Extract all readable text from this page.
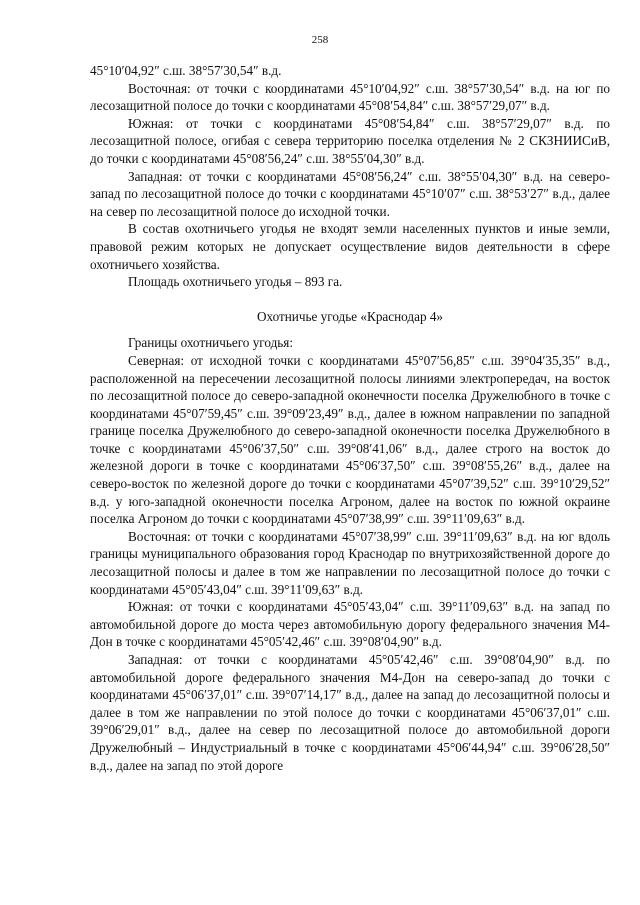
258

45°10′04,92″ с.ш. 38°57′30,54″ в.д.

Восточная: от точки с координатами 45°10′04,92″ с.ш. 38°57′30,54″ в.д. на юг по лесозащитной полосе до точки с координатами 45°08′54,84″ с.ш. 38°57′29,07″ в.д.

Южная: от точки с координатами 45°08′54,84″ с.ш. 38°57′29,07″ в.д. по лесозащитной полосе, огибая с севера территорию поселка отделения № 2 СКЗНИИСиВ, до точки с координатами 45°08′56,24″ с.ш. 38°55′04,30″ в.д.

Западная: от точки с координатами 45°08′56,24″ с.ш. 38°55′04,30″ в.д. на северо-запад по лесозащитной полосе до точки с координатами 45°10′07″ с.ш. 38°53′27″ в.д., далее на север по лесозащитной полосе до исходной точки.

В состав охотничьего угодья не входят земли населенных пунктов и иные земли, правовой режим которых не допускает осуществление видов деятельности в сфере охотничьего хозяйства.

Площадь охотничьего угодья – 893 га.

Охотничье угодье «Краснодар 4»

Границы охотничьего угодья:

Северная: от исходной точки с координатами 45°07′56,85″ с.ш. 39°04′35,35″ в.д., расположенной на пересечении лесозащитной полосы линиями электропередач, на восток по лесозащитной полосе до северо-западной оконечности поселка Дружелюбного в точке с координатами 45°07′59,45″ с.ш. 39°09′23,49″ в.д., далее в южном направлении по западной границе поселка Дружелюбного до северо-западной оконечности поселка Дружелюбного в точке с координатами 45°06′37,50″ с.ш. 39°08′41,06″ в.д., далее строго на восток до железной дороги в точке с координатами 45°06′37,50″ с.ш. 39°08′55,26″ в.д., далее на северо-восток по железной дороге до точки с координатами 45°07′39,52″ с.ш. 39°10′29,52″ в.д. у юго-западной оконечности поселка Агроном, далее на восток по южной окраине поселка Агроном до точки с координатами 45°07′38,99″ с.ш. 39°11′09,63″ в.д.

Восточная: от точки с координатами 45°07′38,99″ с.ш. 39°11′09,63″ в.д. на юг вдоль границы муниципального образования город Краснодар по внутрихозяйственной дороге до лесозащитной полосы и далее в том же направлении по лесозащитной полосе до точки с координатами 45°05′43,04″ с.ш. 39°11′09,63″ в.д.

Южная: от точки с координатами 45°05′43,04″ с.ш. 39°11′09,63″ в.д. на запад по автомобильной дороге до моста через автомобильную дорогу федерального значения М4-Дон в точке с координатами 45°05′42,46″ с.ш. 39°08′04,90″ в.д.

Западная: от точки с координатами 45°05′42,46″ с.ш. 39°08′04,90″ в.д. по автомобильной дороге федерального значения М4-Дон на северо-запад до точки с координатами 45°06′37,01″ с.ш. 39°07′14,17″ в.д., далее на запад до лесозащитной полосы и далее в том же направлении по этой полосе до точки с координатами 45°06′37,01″ с.ш. 39°06′29,01″ в.д., далее на север по лесозащитной полосе до автомобильной дороги Дружелюбный – Индустриальный в точке с координатами 45°06′44,94″ с.ш. 39°06′28,50″ в.д., далее на запад по этой дороге
